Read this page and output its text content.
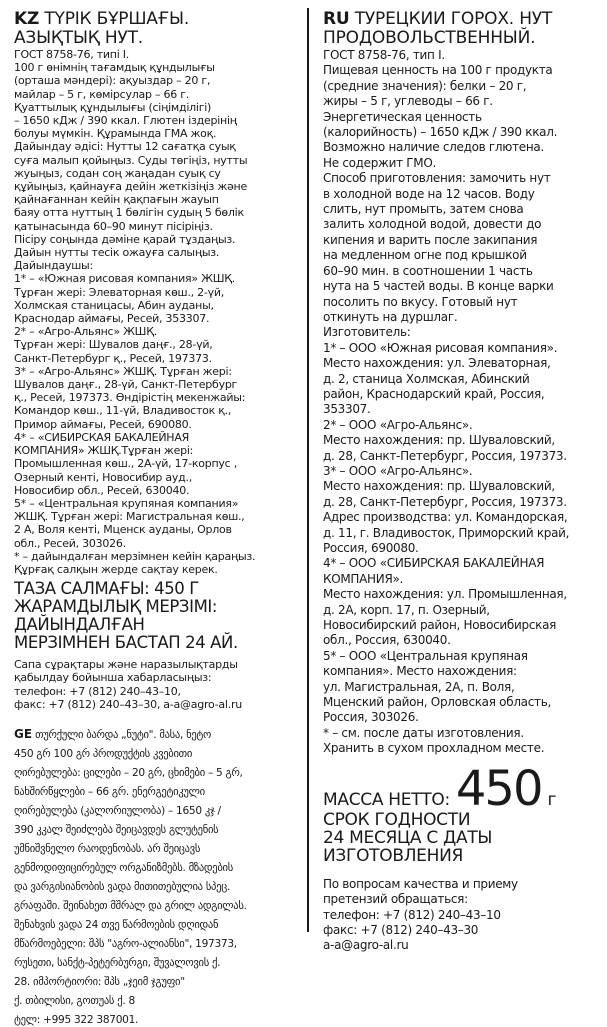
KZ ТҮРІК БҰРШАҒЫ.
АЗЫҚТЫҚ НУТ.
ГОСТ 8758-76, типі I.
100 г өнімнің тағамдық құндылығы
(орташа мәндері): ақуыздар – 20 г,
майлар – 5 г, көмірсулар – 66 г.
Қуаттылық құндылығы (сіңімділігі)
– 1650 кДж / 390 ккал. Глютен іздерінің
болуы мүмкін. Құрамында ГМА жоқ.
Дайындау әдісі: Нутты 12 сағатқа суық
суға малып қойыңыз. Суды төгіңіз, нутты
жуыңыз, содан соң жаңадан суық су
құйыңыз, қайнауға дейін жеткізіңіз және
қайнағаннан кейін қақпағын жауып
баяу отта нуттың 1 бөлігін судың 5 бөлік
қатынасында 60–90 минут пісіріңіз.
Пісіру соңында дәміне қарай тұздаңыз.
Дайын нутты тесік ожауға салыңыз.
Дайындаушы:
1* – «Южная рисовая компания» ЖШҚ.
Тұрған жері: Элеваторная көш., 2-үй,
Холмская станицасы, Абин ауданы,
Краснодар аймағы, Ресей, 353307.
2* – «Агро-Альянс» ЖШҚ.
Тұрған жері: Шувалов даңғ., 28-үй,
Санкт-Петербург қ., Ресей, 197373.
3* – «Агро-Альянс» ЖШҚ. Тұрған жері:
Шувалов даңғ., 28-үй, Санкт-Петербург
қ., Ресей, 197373. Өндірістің мекенжайы:
Командор көш., 11-үй, Владивосток қ.,
Примор аймағы, Ресей, 690080.
4* – «СИБИРСКАЯ БАКАЛЕЙНАЯ
КОМПАНИЯ» ЖШҚ.Тұрған жері:
Промышленная көш., 2А-үй, 17-корпус ,
Озерный кенті, Новосибир ауд.,
Новосибир обл., Ресей, 630040.
5* – «Центральная крупяная компания»
ЖШҚ. Тұрған жері: Магистральная көш.,
2 А, Воля кенті, Мценск ауданы, Орлов
обл., Ресей, 303026.
* – дайындалған мерзімнен кейін қараңыз.
Құрғақ салқын жерде сақтау керек.
ТАЗА САЛМАҒЫ: 450 Г
ЖАРАМДЫЛЫҚ МЕРЗІМІ:
ДАЙЫНДАЛҒАН
МЕРЗІМНЕН БАСТАП 24 АЙ.
Сапа сұрақтары және наразылықтарды
қабылдау бойынша хабарласыңыз:
телефон: +7 (812) 240–43–10,
факс: +7 (812) 240–43–30, a-a@agro-al.ru
GE თურქული ბარდა „ნუტი". მასა, ნეტო
450 გრ 100 გრ პროდუქტის კვებითი
ღირებულება: ცილები – 20 გრ, ცხიმები – 5 გრ,
ნახშირწყლები – 66 გრ. ენერგეტიკული
ღირებულება (კალორიულობა) – 1650 კჯ /
390 კკალ შეიძლება შეიცავდეს გლუტენის
უმნიშვნელო რაოდენობას. არ შეიცავს
გენმოდიფიცირებულ ორგანიზმებს. მზადების
და ვარგისიანობის ვადა მითითებულია სპეც.
გრაფაში. შეინახეთ მშრალ და გრილ ადგილას.
შენახვის ვადა 24 თვე წარმოების დღიდან
მწარმოებელი: შპს "აგრო-ალიანსი", 197373,
რუსეთი, სანქტ-პეტერბურგი, შუვალოვის ქ.
28. იმპორტიორი: შპს „ჯეიმ ჯგუფი"
ქ. თბილისი, გოთუას ქ. 8
ტელ: +995 322 387001.
RU ТУРЕЦКИЙ ГОРОХ. НУТ
ПРОДОВОЛЬСТВЕННЫЙ.
ГОСТ 8758-76, тип I.
Пищевая ценность на 100 г продукта
(средние значения): белки – 20 г,
жиры – 5 г, углеводы – 66 г.
Энергетическая ценность
(калорийность) – 1650 кДж / 390 ккал.
Возможно наличие следов глютена.
Не содержит ГМО.
Способ приготовления: замочить нут
в холодной воде на 12 часов. Воду
слить, нут промыть, затем снова
залить холодной водой, довести до
кипения и варить после закипания
на медленном огне под крышкой
60–90 мин. в соотношении 1 часть
нута на 5 частей воды. В конце варки
посолить по вкусу. Готовый нут
откинуть на дуршлаг.
Изготовитель:
1* – ООО «Южная рисовая компания».
Место нахождения: ул. Элеваторная,
д. 2, станица Холмская, Абинский
район, Краснодарский край, Россия,
353307.
2* – ООО «Агро-Альянс».
Место нахождения: пр. Шуваловский,
д. 28, Санкт-Петербург, Россия, 197373.
3* – ООО «Агро-Альянс».
Место нахождения: пр. Шуваловский,
д. 28, Санкт-Петербург, Россия, 197373.
Адрес производства: ул. Командорская,
д. 11, г. Владивосток, Приморский край,
Россия, 690080.
4* – ООО «СИБИРСКАЯ БАКАЛЕЙНАЯ
КОМПАНИЯ».
Место нахождения: ул. Промышленная,
д. 2А, корп. 17, п. Озерный,
Новосибирский район, Новосибирская
обл., Россия, 630040.
5* – ООО «Центральная крупяная
компания». Место нахождения:
ул. Магистральная, 2А, п. Воля,
Мценский район, Орловская область,
Россия, 303026.
* – см. после даты изготовления.
Хранить в сухом прохладном месте.
МАССА НЕТТО: 450 г
СРОК ГОДНОСТИ
24 МЕСЯЦА С ДАТЫ
ИЗГОТОВЛЕНИЯ
По вопросам качества и приему
претензий обращаться:
телефон: +7 (812) 240–43–10
факс: +7 (812) 240–43–30
a-a@agro-al.ru
